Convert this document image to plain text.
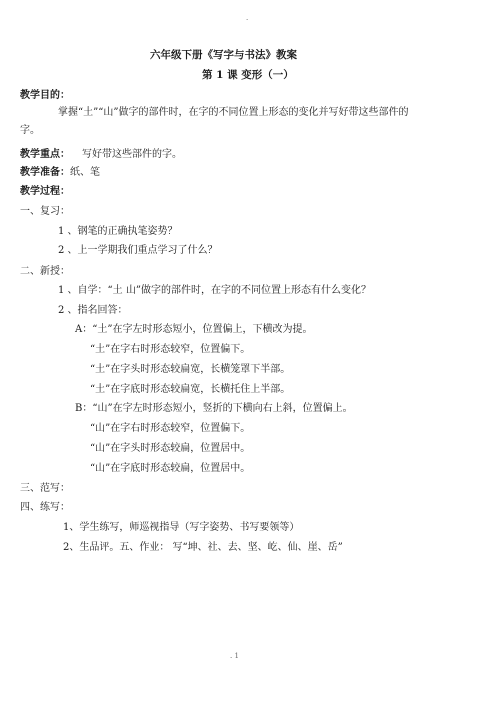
.
六年级下册《写字与书法》教案
第 1 课 变形（一）
教学目的：
掌握“土”“山”做字的部件时，在字的不同位置上形态的变化并写好带这些部件的
字。
教学重点： 写好带这些部件的字。
教学准备：纸、笔
教学过程：
一、复习：
1 、钢笔的正确执笔姿势？
2 、上一学期我们重点学习了什么？
二、新授：
1 、自学：“土 山”做字的部件时，在字的不同位置上形态有什么变化？
2 、指名回答：
A：“土”在字左时形态短小，位置偏上，下横改为提。
“土”在字右时形态较窄，位置偏下。
“土”在字头时形态较扁宽，长横笼罩下半部。
“土”在字底时形态较扁宽，长横托住上半部。
B：“山”在字左时形态短小，竖折的下横向右上斜，位置偏上。
“山”在字右时形态较窄，位置偏下。
“山”在字头时形态较扁，位置居中。
“山”在字底时形态较扁，位置居中。
三、范写：
四、练写：
1、学生练写，师巡视指导（写字姿势、书写要领等）
2、生品评。五、作业： 写“坤、社、去、坚、屹、仙、崖、岳”
. 1
